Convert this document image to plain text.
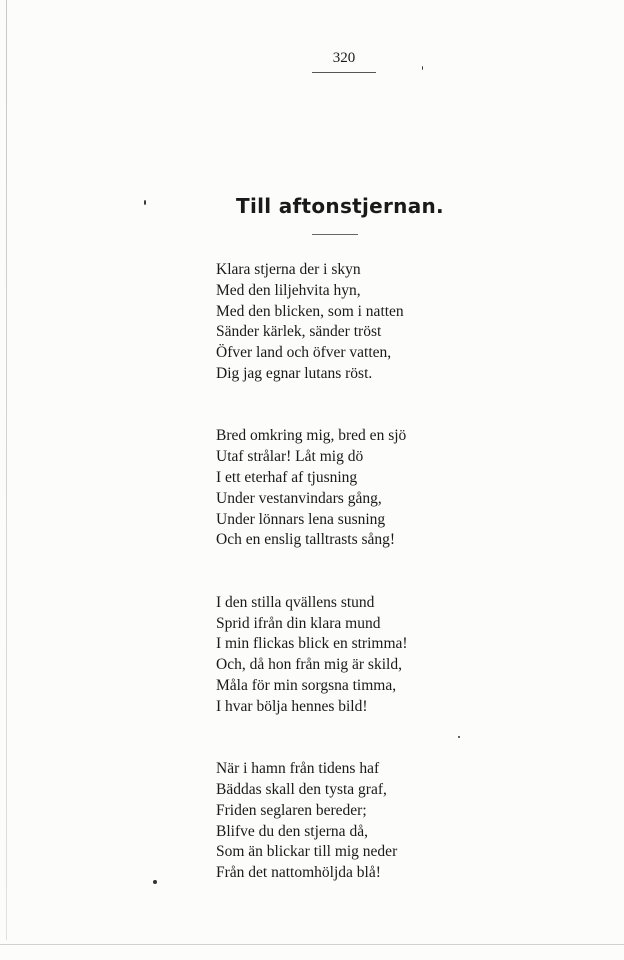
320
Till aftonstjernan.
Klara stjerna der i skyn
Med den liljehvita hyn,
Med den blicken, som i natten
Sänder kärlek, sänder tröst
Öfver land och öfver vatten,
Dig jag egnar lutans röst.
Bred omkring mig, bred en sjö
Utaf strålar! Låt mig dö
I ett eterhaf af tjusning
Under vestanvindars gång,
Under lönnars lena susning
Och en enslig talltrasts sång!
I den stilla qvällens stund
Sprid ifrån din klara mund
I min flickas blick en strimma!
Och, då hon från mig är skild,
Måla för min sorgsna timma,
I hvar bölja hennes bild!
När i hamn från tidens haf
Bäddas skall den tysta graf,
Friden seglaren bereder;
Blifve du den stjerna då,
Som än blickar till mig neder
Från det nattomhöljda blå!
